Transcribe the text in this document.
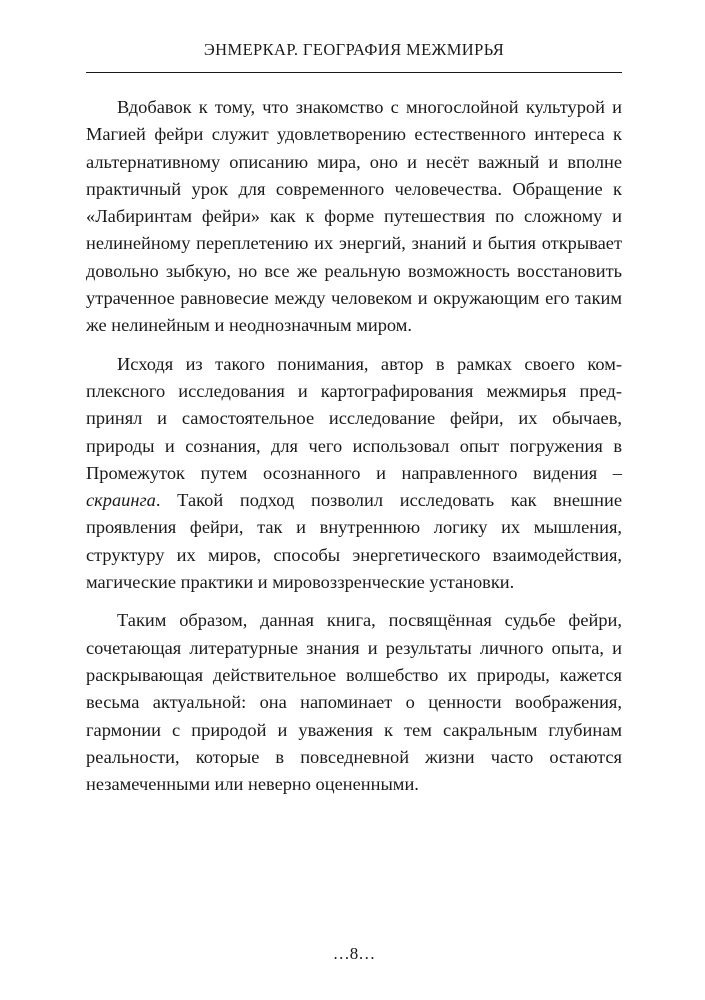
ЭНМЕРКАР. ГЕОГРАФИЯ МЕЖМИРЬЯ

Вдобавок к тому, что знакомство с многослойной культурой и Магией фейри служит удовлетворению естественного интереса к альтернативному описанию мира, оно и несёт важный и вполне практичный урок для современного человечества. Обращение к «Лабиринтам фейри» как к форме путешествия по сложному и нелинейному переплетению их энергий, знаний и бытия открывает довольно зыбкую, но все же реальную возможность восстановить утраченное равновесие между человеком и окружающим его таким же нелинейным и неоднозначным миром.

Исходя из такого понимания, автор в рамках своего комплексного исследования и картографирования межмирья предпринял и самостоятельное исследование фейри, их обычаев, природы и сознания, для чего использовал опыт погружения в Промежуток путем осознанного и направленного видения – скраинга. Такой подход позволил исследовать как внешние проявления фейри, так и внутреннюю логику их мышления, структуру их миров, способы энергетического взаимодействия, магические практики и мировоззренческие установки.

Таким образом, данная книга, посвящённая судьбе фейри, сочетающая литературные знания и результаты личного опыта, и раскрывающая действительное волшебство их природы, кажется весьма актуальной: она напоминает о ценности воображения, гармонии с природой и уважения к тем сакральным глубинам реальности, которые в повседневной жизни часто остаются незамеченными или неверно оцененными.

…8…
